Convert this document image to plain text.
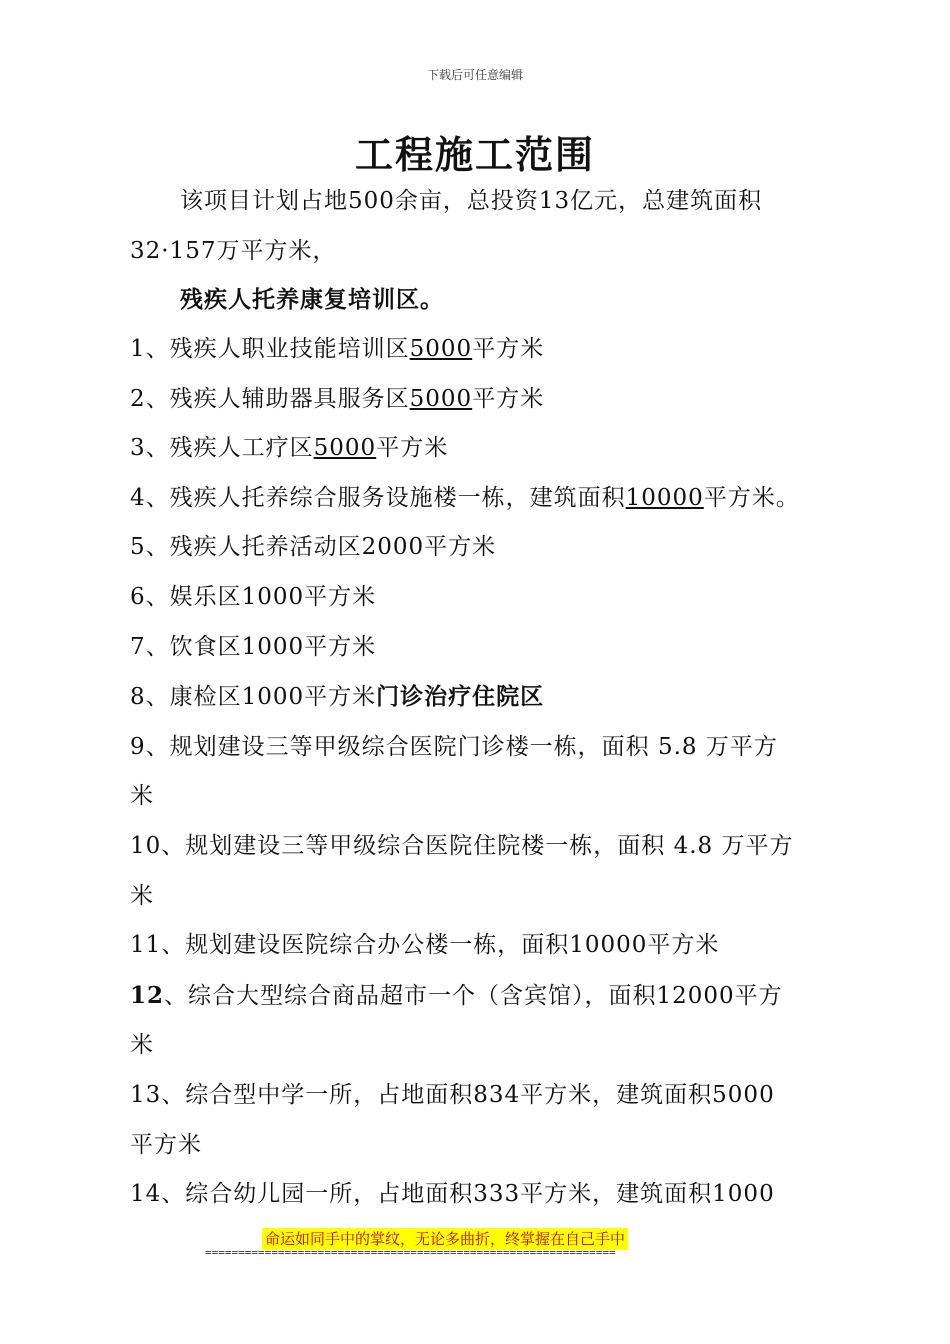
下载后可任意编辑
工程施工范围
该项目计划占地500余亩，总投资13亿元，总建筑面积
32·157万平方米，
残疾人托养康复培训区。
1、残疾人职业技能培训区5000平方米
2、残疾人辅助器具服务区5000平方米
3、残疾人工疗区5000平方米
4、残疾人托养综合服务设施楼一栋，建筑面积10000平方米。
5、残疾人托养活动区2000平方米
6、娱乐区1000平方米
7、饮食区1000平方米
8、康检区1000平方米门诊治疗住院区
9、规划建设三等甲级综合医院门诊楼一栋，面积 5.8 万平方
米
10、规划建设三等甲级综合医院住院楼一栋，面积 4.8 万平方
米
11、规划建设医院综合办公楼一栋，面积10000平方米
12、综合大型综合商品超市一个（含宾馆），面积12000平方
米
13、综合型中学一所，占地面积834平方米，建筑面积5000
平方米
14、综合幼儿园一所，占地面积333平方米，建筑面积1000
命运如同手中的掌纹，无论多曲折，终掌握在自己手中
==============================================================
